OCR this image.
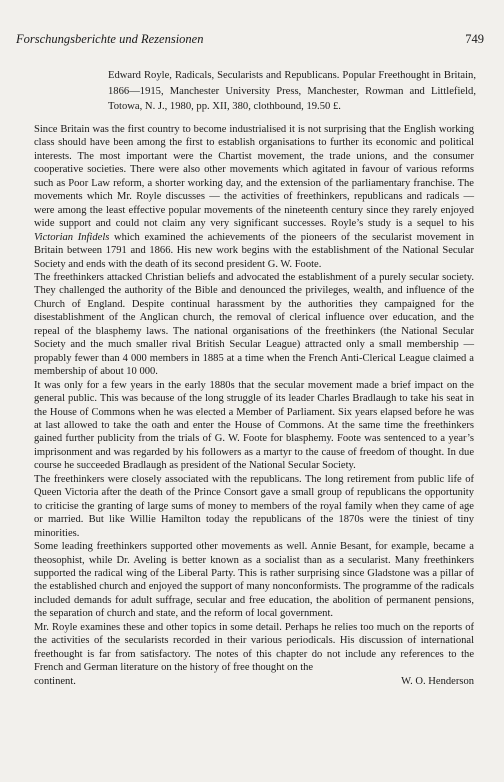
Forschungsberichte und Rezensionen	749
Edward Royle, Radicals, Secularists and Republicans. Popular Freethought in Britain, 1866—1915, Manchester University Press, Manchester, Rowman and Littlefield, Totowa, N. J., 1980, pp. XII, 380, clothbound, 19.50 £.

Since Britain was the first country to become industrialised it is not surprising that the English working class should have been among the first to establish organisations to further its economic and political interests. The most important were the Chartist movement, the trade unions, and the consumer cooperative societies. There were also other movements which agitated in favour of various reforms such as Poor Law reform, a shorter working day, and the extension of the parliamentary franchise. The movements which Mr. Royle discusses — the activities of freethinkers, republicans and radicals — were among the least effective popular movements of the nineteenth century since they rarely enjoyed wide support and could not claim any very significant successes. Royle’s study is a sequel to his Victorian Infidels which examined the achievements of the pioneers of the secularist movement in Britain between 1791 and 1866. His new work begins with the establishment of the National Secular Society and ends with the death of its second president G. W. Foote.

The freethinkers attacked Christian beliefs and advocated the establishment of a purely secular society. They challenged the authority of the Bible and denounced the privileges, wealth, and influence of the Church of England. Despite continual harassment by the authorities they campaigned for the disestablishment of the Anglican church, the removal of clerical influence over education, and the repeal of the blasphemy laws. The national organisations of the freethinkers (the National Secular Society and the much smaller rival British Secular League) attracted only a small membership — propably fewer than 4 000 members in 1885 at a time when the French Anti-Clerical League claimed a membership of about 10 000.

It was only for a few years in the early 1880s that the secular movement made a brief impact on the general public. This was because of the long struggle of its leader Charles Bradlaugh to take his seat in the House of Commons when he was elected a Member of Parliament. Six years elapsed before he was at last allowed to take the oath and enter the House of Commons. At the same time the freethinkers gained further publicity from the trials of G. W. Foote for blasphemy. Foote was sentenced to a year’s imprisonment and was regarded by his followers as a martyr to the cause of freedom of thought. In due course he succeeded Bradlaugh as president of the National Secular Society.

The freethinkers were closely associated with the republicans. The long retirement from public life of Queen Victoria after the death of the Prince Consort gave a small group of republicans the opportunity to criticise the granting of large sums of money to members of the royal family when they came of age or married. But like Willie Hamilton today the republicans of the 1870s were the tiniest of tiny minorities.

Some leading freethinkers supported other movements as well. Annie Besant, for example, became a theosophist, while Dr. Aveling is better known as a socialist than as a secularist. Many freethinkers supported the radical wing of the Liberal Party. This is rather surprising since Gladstone was a pillar of the established church and enjoyed the support of many nonconformists. The programme of the radicals included demands for adult suffrage, secular and free education, the abolition of permanent pensions, the separation of church and state, and the reform of local government.

Mr. Royle examines these and other topics in some detail. Perhaps he relies too much on the reports of the activities of the secularists recorded in their various periodicals. His discussion of international freethought is far from satisfactory. The notes of this chapter do not include any references to the French and German literature on the history of free thought on the

continent.	W. O. Henderson
